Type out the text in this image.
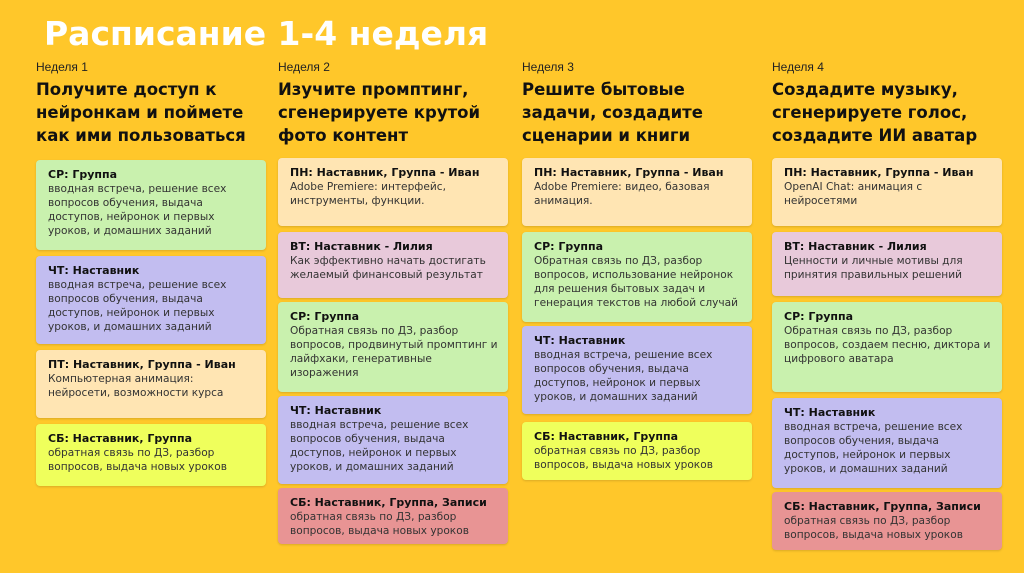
Расписание 1-4 неделя
Неделя 1
Получите доступ к нейронкам и поймете как ими пользоваться
СР: Группа
вводная встреча, решение всех вопросов обучения, выдача доступов, нейронок и первых уроков, и домашних заданий
ЧТ: Наставник
вводная встреча, решение всех вопросов обучения, выдача доступов, нейронок и первых уроков, и домашних заданий
ПТ: Наставник, Группа - Иван
Компьютерная анимация: нейросети, возможности курса
СБ: Наставник, Группа
обратная связь по ДЗ, разбор вопросов, выдача новых уроков
Неделя 2
Изучите промптинг, сгенерируете крутой фото контент
ПН: Наставник, Группа - Иван
Adobe Premiere: интерфейс, инструменты, функции.
ВТ: Наставник - Лилия
Как эффективно начать достигать желаемый финансовый результат
СР: Группа
Обратная связь по ДЗ, разбор вопросов, продвинутый промптинг и лайфхаки, генеративные изоражения
ЧТ: Наставник
вводная встреча, решение всех вопросов обучения, выдача доступов, нейронок и первых уроков, и домашних заданий
СБ: Наставник, Группа, Записи
обратная связь по ДЗ, разбор вопросов, выдача новых уроков
Неделя 3
Решите бытовые задачи, создадите сценарии и книги
ПН: Наставник, Группа - Иван
Adobe Premiere: видео, базовая анимация.
СР: Группа
Обратная связь по ДЗ, разбор вопросов, использование нейронок для решения бытовых задач и генерация текстов на любой случай
ЧТ: Наставник
вводная встреча, решение всех вопросов обучения, выдача доступов, нейронок и первых уроков, и домашних заданий
СБ: Наставник, Группа
обратная связь по ДЗ, разбор вопросов, выдача новых уроков
Неделя 4
Создадите музыку, сгенерируете голос, создадите ИИ аватар
ПН: Наставник, Группа - Иван
OpenAI Chat: анимация с нейросетями
ВТ: Наставник - Лилия
Ценности и личные мотивы для принятия правильных решений
СР: Группа
Обратная связь по ДЗ, разбор вопросов, создаем песню, диктора и цифрового аватара
ЧТ: Наставник
вводная встреча, решение всех вопросов обучения, выдача доступов, нейронок и первых уроков, и домашних заданий
СБ: Наставник, Группа, Записи
обратная связь по ДЗ, разбор вопросов, выдача новых уроков
